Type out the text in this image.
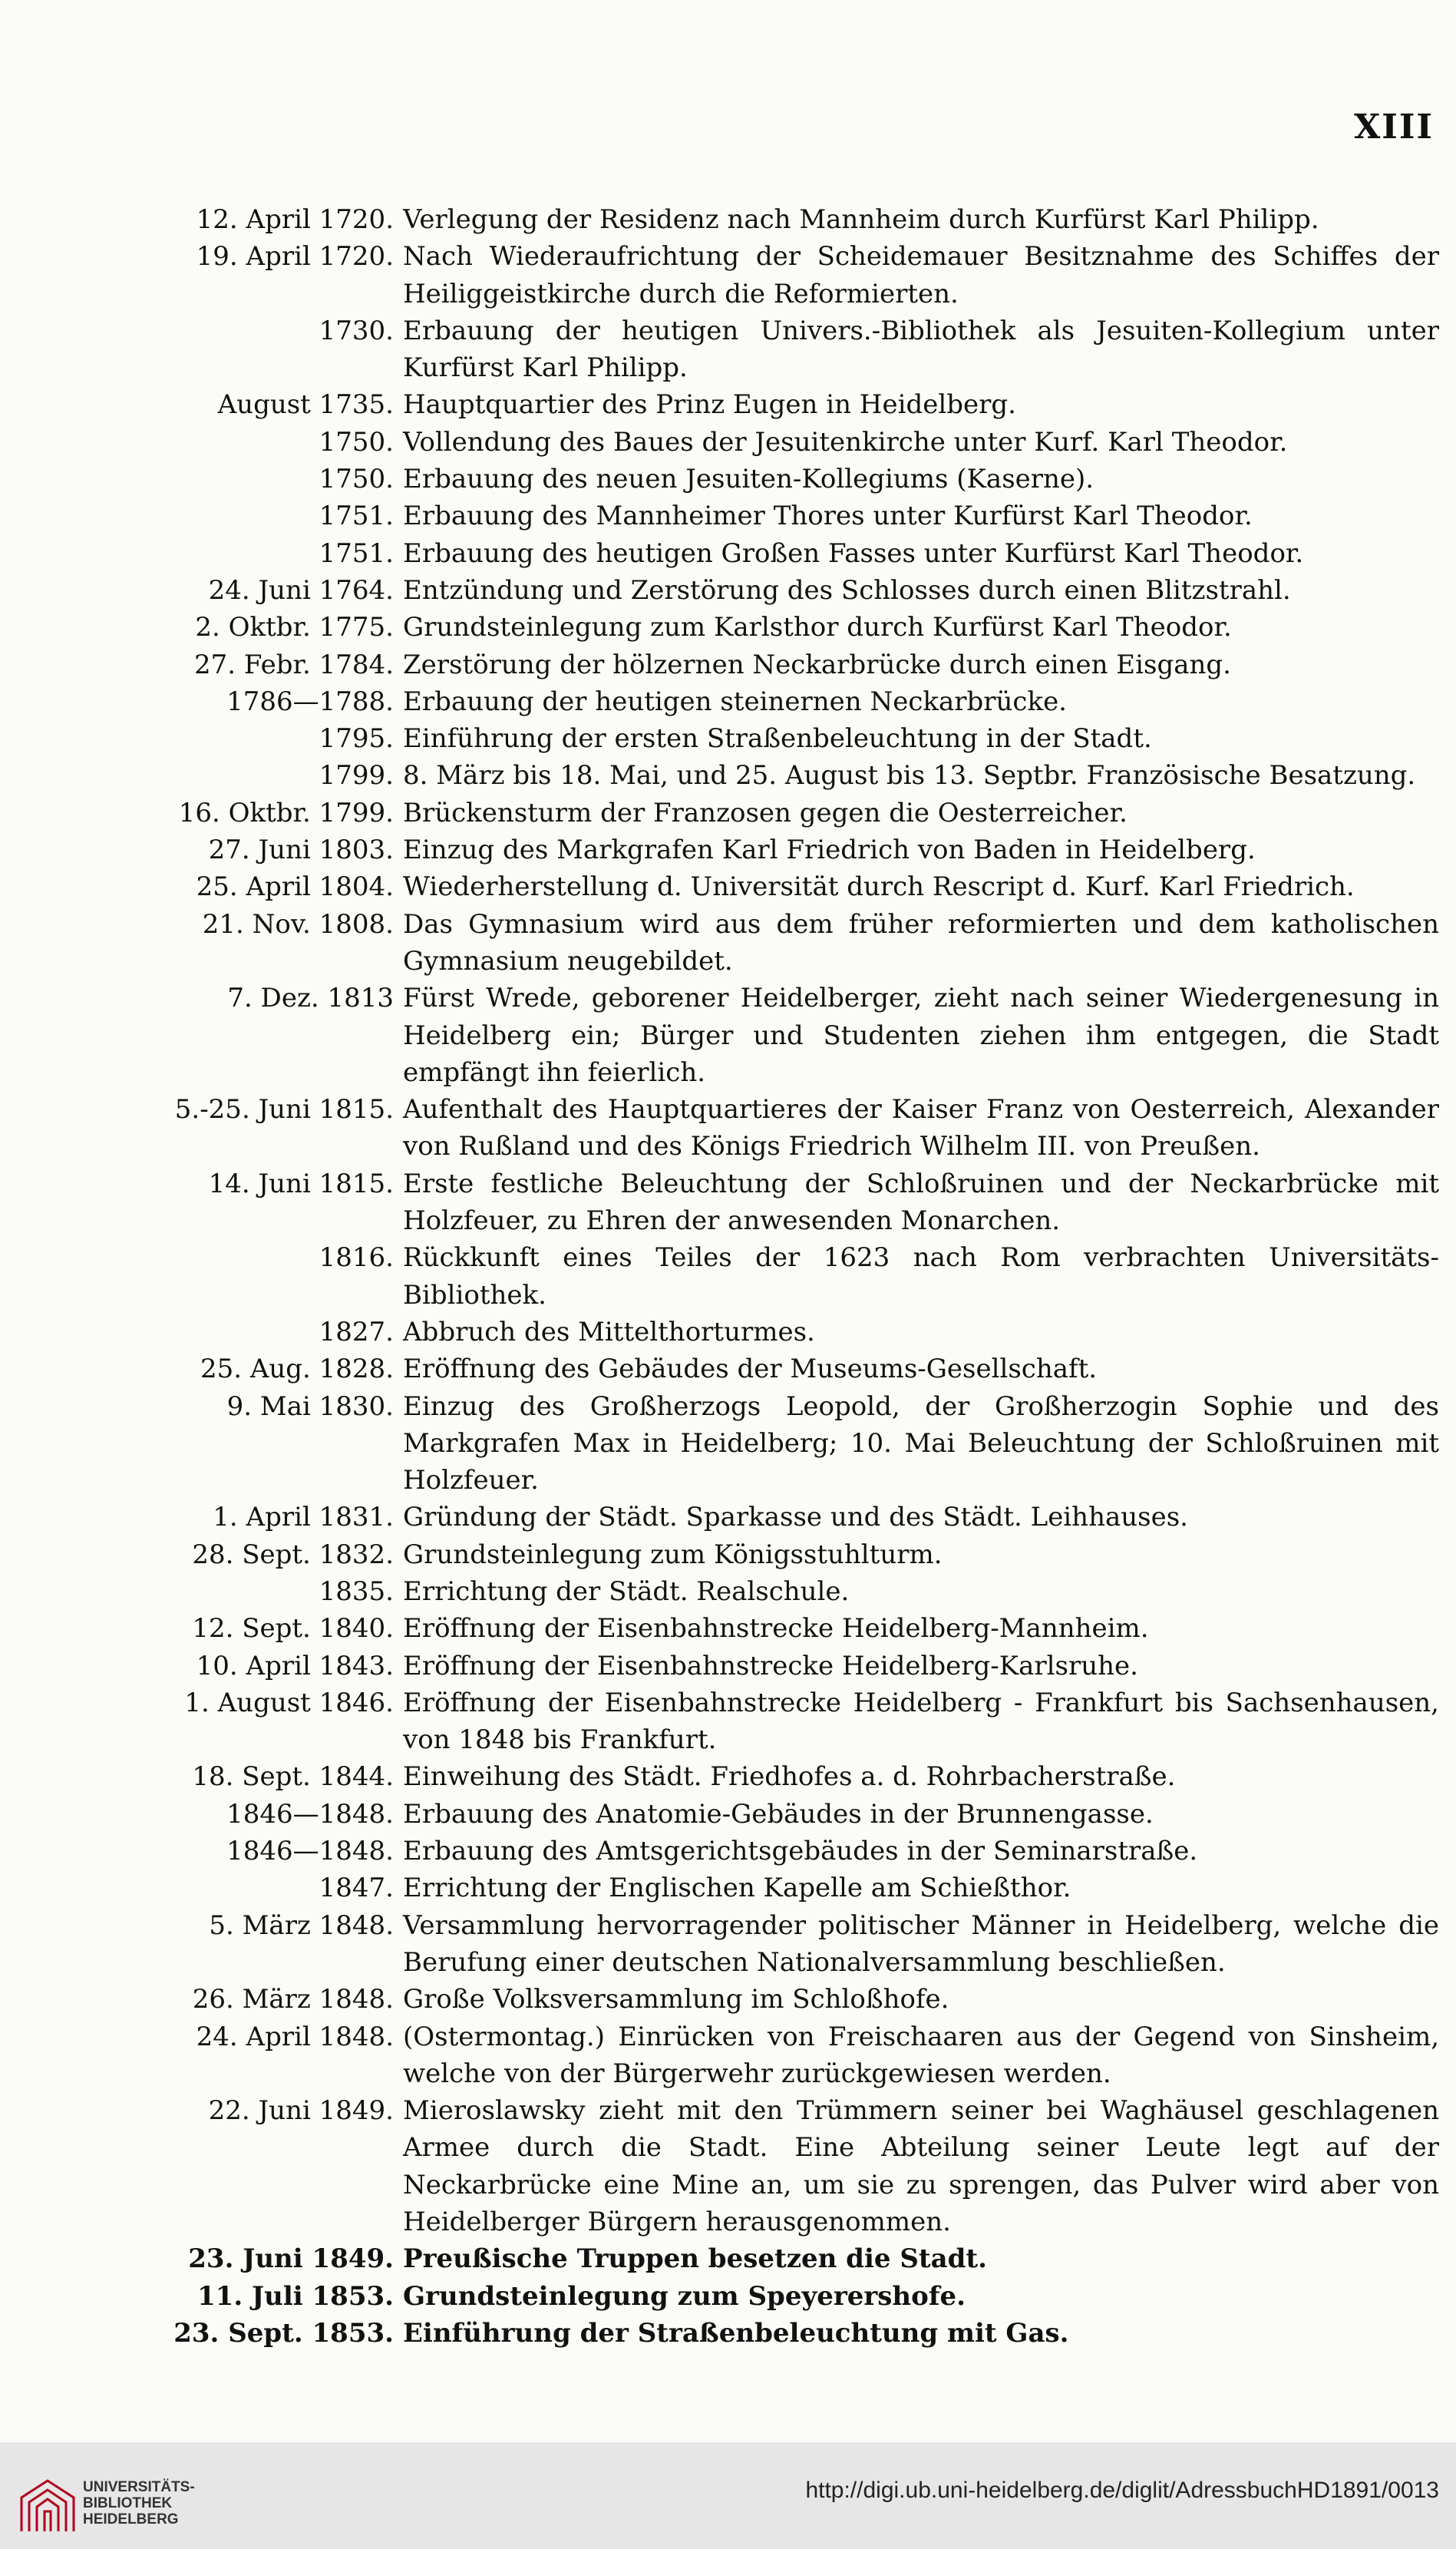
XIII
12. April 1720. Verlegung der Residenz nach Mannheim durch Kurfürst Karl Philipp.
19. April 1720. Nach Wiederaufrichtung der Scheidemauer Besitznahme des Schiffes der Heiliggeistkirche durch die Reformierten.
1730. Erbauung der heutigen Univers.-Bibliothek als Jesuiten-Kollegium unter Kurfürst Karl Philipp.
August 1735. Hauptquartier des Prinz Eugen in Heidelberg.
1750. Vollendung des Baues der Jesuitenkirche unter Kurf. Karl Theodor.
1750. Erbauung des neuen Jesuiten-Kollegiums (Kaserne).
1751. Erbauung des Mannheimer Thores unter Kurfürst Karl Theodor.
1751. Erbauung des heutigen Großen Fasses unter Kurfürst Karl Theodor.
24. Juni 1764. Entzündung und Zerstörung des Schlosses durch einen Blitzstrahl.
2. Oktbr. 1775. Grundsteinlegung zum Karlsthor durch Kurfürst Karl Theodor.
27. Febr. 1784. Zerstörung der hölzernen Neckarbrücke durch einen Eisgang.
1786—1788. Erbauung der heutigen steinernen Neckarbrücke.
1795. Einführung der ersten Straßenbeleuchtung in der Stadt.
1799. 8. März bis 18. Mai, und 25. August bis 13. Septbr. Französische Besatzung.
16. Oktbr. 1799. Brückensturm der Franzosen gegen die Oesterreicher.
27. Juni 1803. Einzug des Markgrafen Karl Friedrich von Baden in Heidelberg.
25. April 1804. Wiederherstellung d. Universität durch Rescript d. Kurf. Karl Friedrich.
21. Nov. 1808. Das Gymnasium wird aus dem früher reformierten und dem katholischen Gymnasium neugebildet.
7. Dez. 1813 Fürst Wrede, geborener Heidelberger, zieht nach seiner Wiedergenesung in Heidelberg ein; Bürger und Studenten ziehen ihm entgegen, die Stadt empfängt ihn feierlich.
5.-25. Juni 1815. Aufenthalt des Hauptquartieres der Kaiser Franz von Oesterreich, Alexander von Rußland und des Königs Friedrich Wilhelm III. von Preußen.
14. Juni 1815. Erste festliche Beleuchtung der Schloßruinen und der Neckarbrücke mit Holzfeuer, zu Ehren der anwesenden Monarchen.
1816. Rückkunft eines Teiles der 1623 nach Rom verbrachten Universitäts-Bibliothek.
1827. Abbruch des Mittelthorturmes.
25. Aug. 1828. Eröffnung des Gebäudes der Museums-Gesellschaft.
9. Mai 1830. Einzug des Großherzogs Leopold, der Großherzogin Sophie und des Markgrafen Max in Heidelberg; 10. Mai Beleuchtung der Schloßruinen mit Holzfeuer.
1. April 1831. Gründung der Städt. Sparkasse und des Städt. Leihhauses.
28. Sept. 1832. Grundsteinlegung zum Königsstuhlturm.
1835. Errichtung der Städt. Realschule.
12. Sept. 1840. Eröffnung der Eisenbahnstrecke Heidelberg-Mannheim.
10. April 1843. Eröffnung der Eisenbahnstrecke Heidelberg-Karlsruhe.
1. August 1846. Eröffnung der Eisenbahnstrecke Heidelberg - Frankfurt bis Sachsenhausen, von 1848 bis Frankfurt.
18. Sept. 1844. Einweihung des Städt. Friedhofes a. d. Rohrbacherstraße.
1846—1848. Erbauung des Anatomie-Gebäudes in der Brunnengasse.
1846—1848. Erbauung des Amtsgerichtsgebäudes in der Seminarstraße.
1847. Errichtung der Englischen Kapelle am Schießthor.
5. März 1848. Versammlung hervorragender politischer Männer in Heidelberg, welche die Berufung einer deutschen Nationalversammlung beschließen.
26. März 1848. Große Volksversammlung im Schloßhofe.
24. April 1848. (Ostermontag.) Einrücken von Freischaaren aus der Gegend von Sinsheim, welche von der Bürgerwehr zurückgewiesen werden.
22. Juni 1849. Mieroslawsky zieht mit den Trümmern seiner bei Waghäusel geschlagenen Armee durch die Stadt. Eine Abteilung seiner Leute legt auf der Neckarbrücke eine Mine an, um sie zu sprengen, das Pulver wird aber von Heidelberger Bürgern herausgenommen.
23. Juni 1849. Preußische Truppen besetzen die Stadt.
11. Juli 1853. Grundsteinlegung zum Speyerershofe.
23. Sept. 1853. Einführung der Straßenbeleuchtung mit Gas.
UNIVERSITÄTS-
BIBLIOTHEK
HEIDELBERG
http://digi.ub.uni-heidelberg.de/diglit/AdressbuchHD1891/0013
